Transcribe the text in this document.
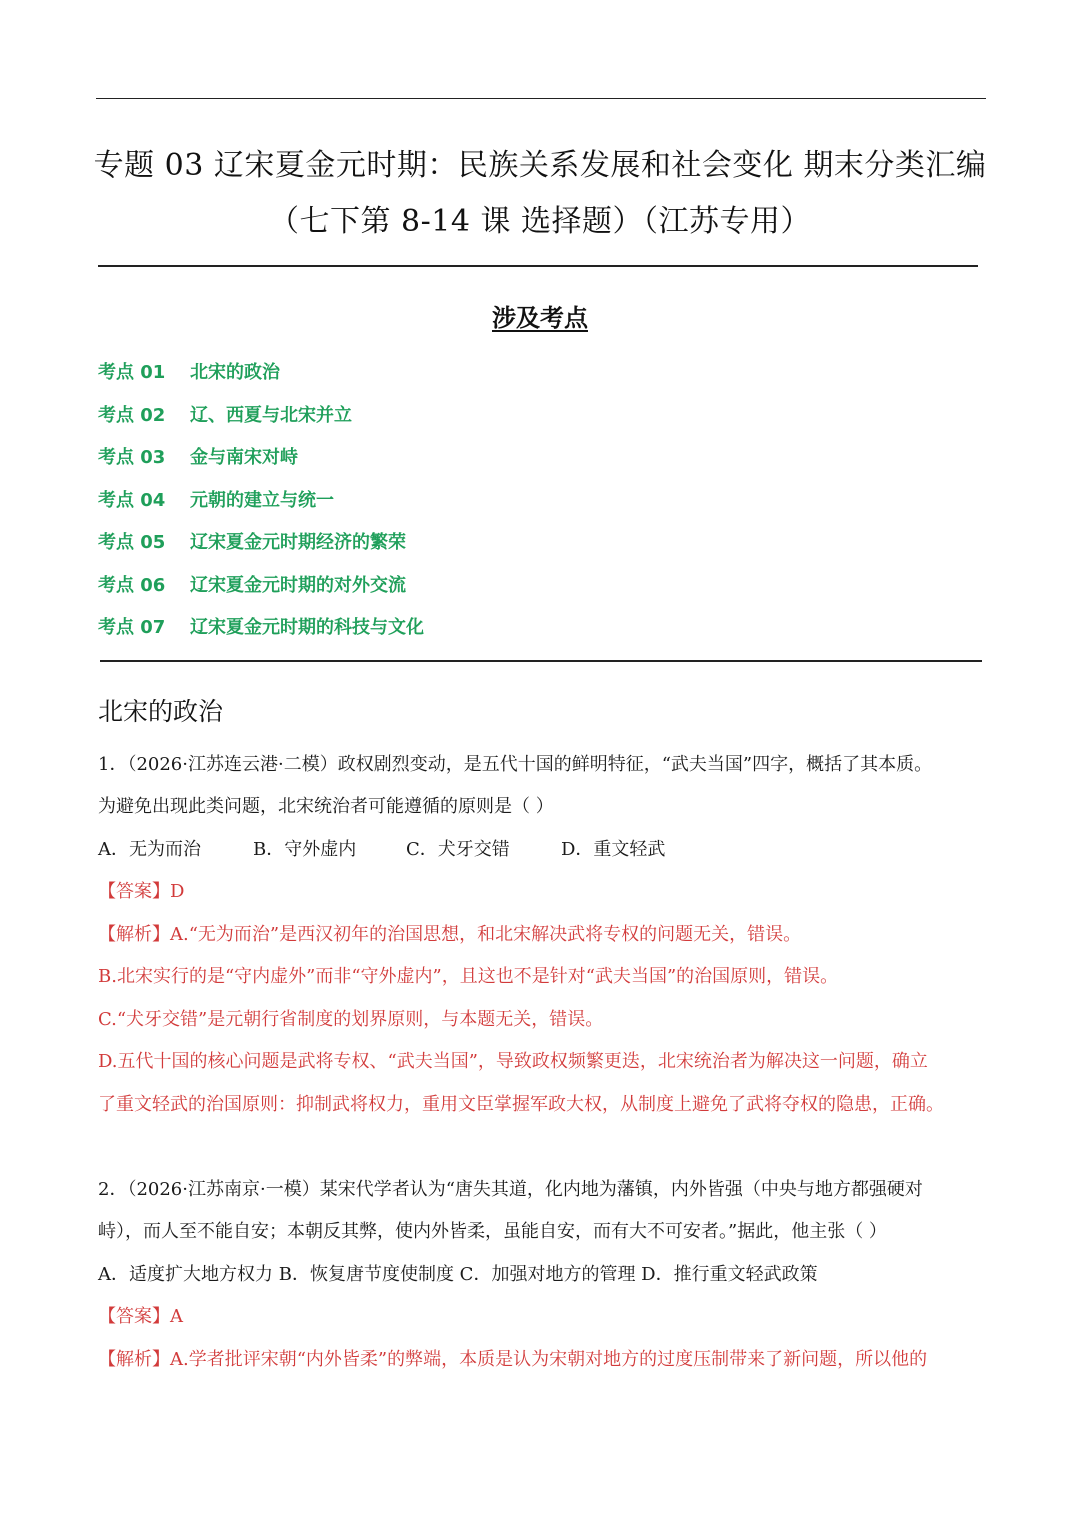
专题 03 辽宋夏金元时期：民族关系发展和社会变化 期末分类汇编
（七下第 8-14 课 选择题）（江苏专用）
涉及考点
考点 01	北宋的政治
考点 02	辽、西夏与北宋并立
考点 03	金与南宋对峙
考点 04	元朝的建立与统一
考点 05	辽宋夏金元时期经济的繁荣
考点 06	辽宋夏金元时期的对外交流
考点 07	辽宋夏金元时期的科技与文化
北宋的政治
1．（2026·江苏连云港·二模）政权剧烈变动，是五代十国的鲜明特征，“武夫当国”四字，概括了其本质。
为避免出现此类问题，北宋统治者可能遵循的原则是（ ）
A．无为而治	B．守外虚内	C．犬牙交错	D．重文轻武
【答案】D
【解析】A.“无为而治”是西汉初年的治国思想，和北宋解决武将专权的问题无关，错误。
B.北宋实行的是“守内虚外”而非“守外虚内”，且这也不是针对“武夫当国”的治国原则，错误。
C.“犬牙交错”是元朝行省制度的划界原则，与本题无关，错误。
D.五代十国的核心问题是武将专权、“武夫当国”，导致政权频繁更迭，北宋统治者为解决这一问题，确立
了重文轻武的治国原则：抑制武将权力，重用文臣掌握军政大权，从制度上避免了武将夺权的隐患，正确。
2．（2026·江苏南京·一模）某宋代学者认为“唐失其道，化内地为藩镇，内外皆强（中央与地方都强硬对
峙），而人至不能自安；本朝反其弊，使内外皆柔，虽能自安，而有大不可安者。”据此，他主张（ ）
A．适度扩大地方权力 B．恢复唐节度使制度 C．加强对地方的管理 D．推行重文轻武政策
【答案】A
【解析】A.学者批评宋朝“内外皆柔”的弊端，本质是认为宋朝对地方的过度压制带来了新问题，所以他的
